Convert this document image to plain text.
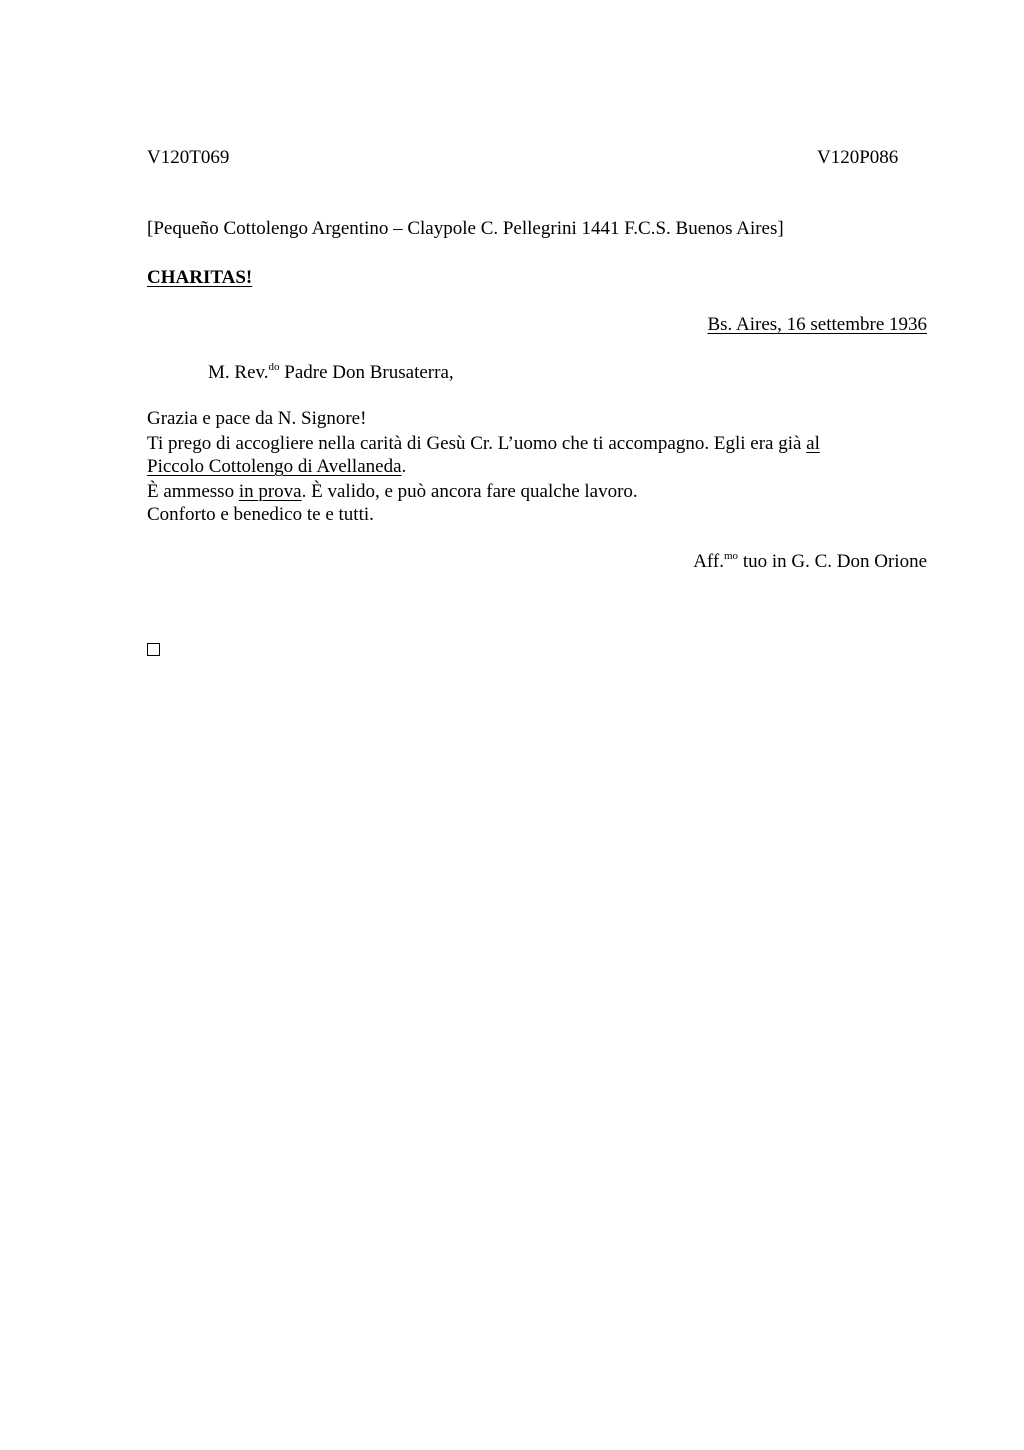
V120T069	V120P086
[Pequeño Cottolengo Argentino – Claypole C. Pellegrini 1441 F.C.S. Buenos Aires]
CHARITAS!
Bs. Aires, 16 settembre 1936
M. Rev.$^{do}$ Padre Don Brusaterra,
Grazia e pace da N. Signore!
Ti prego di accogliere nella carità di Gesù Cr. L’uomo che ti accompagno. Egli era già al
Piccolo Cottolengo di Avellaneda.
È ammesso in prova. È valido, e può ancora fare qualche lavoro.
Conforto e benedico te e tutti.
Aff.$^{mo}$ tuo in G. C. Don Orione
